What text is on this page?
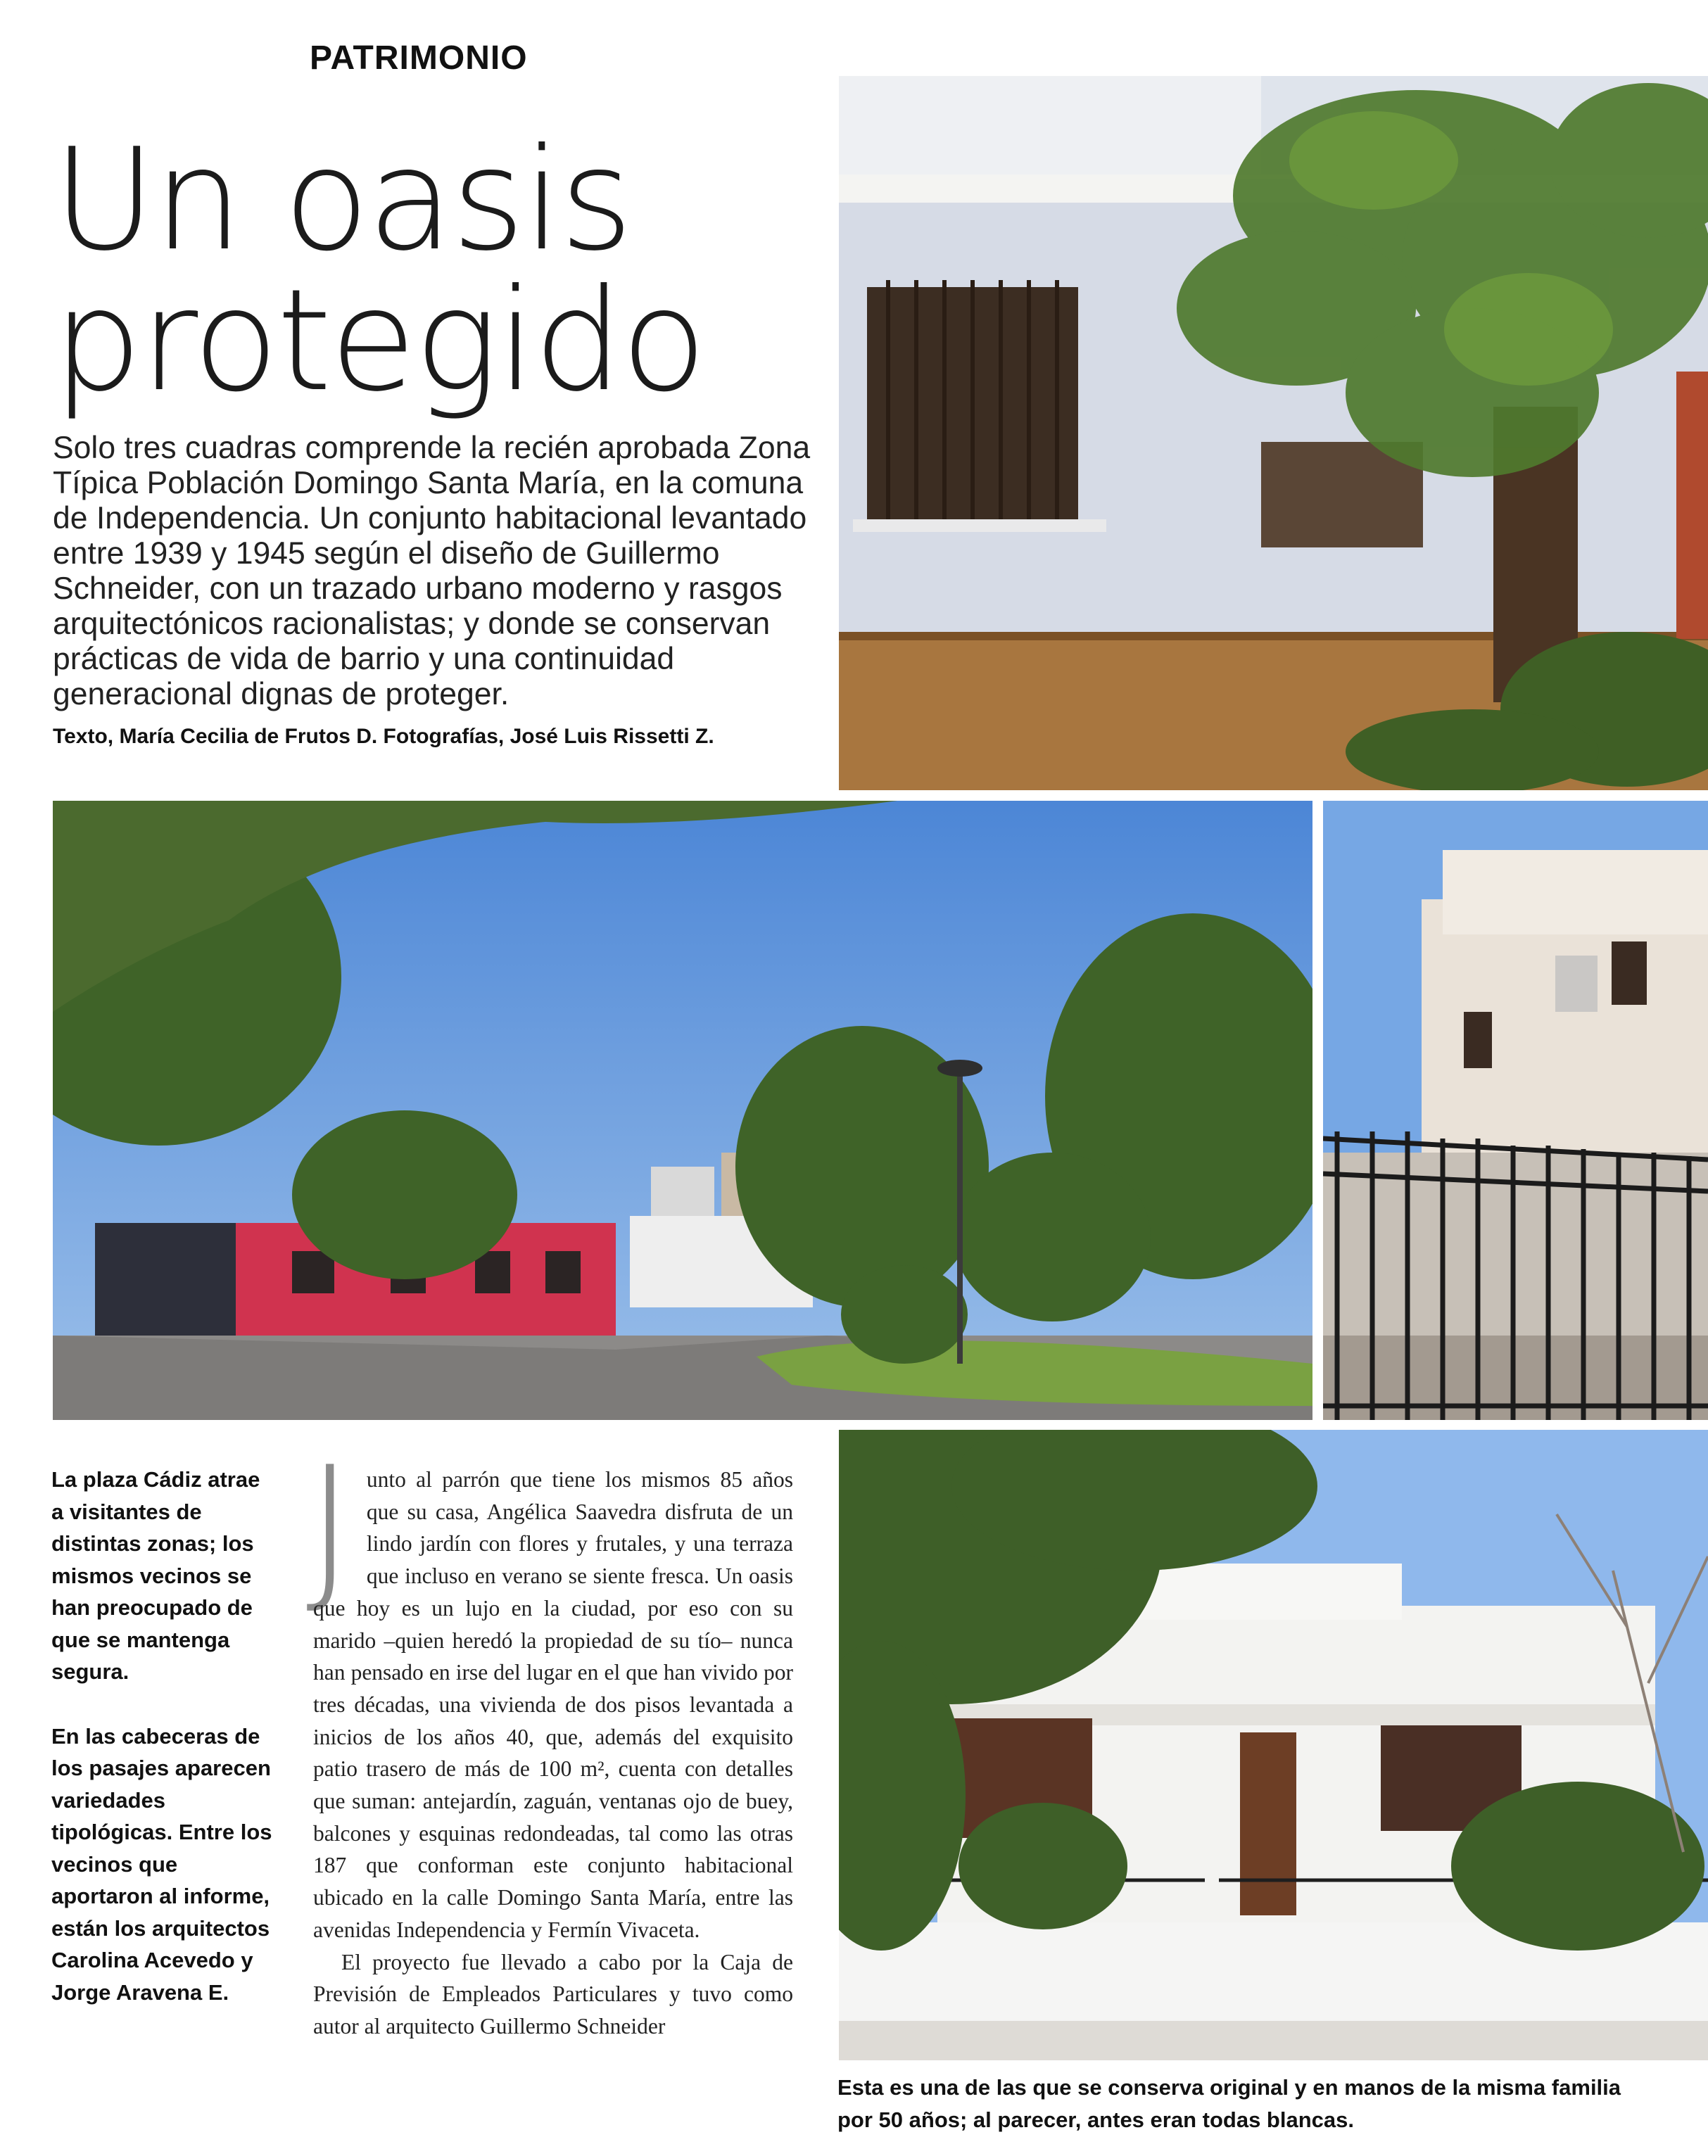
PATRIMONIO
Un oasis
protegido
Solo tres cuadras comprende la recién aprobada Zona Típica Población Domingo Santa María, en la comuna de Independencia. Un conjunto habitacional levantado entre 1939 y 1945 según el diseño de Guillermo Schneider, con un trazado urbano moderno y rasgos arquitectónicos racionalistas; y donde se conservan prácticas de vida de barrio y una continuidad generacional dignas de proteger.
Texto, María Cecilia de Frutos D. Fotografías, José Luis Rissetti Z.

La plaza Cádiz atrae a visitantes de distintas zonas; los mismos vecinos se han preocupado de que se mantenga segura.

En las cabeceras de los pasajes aparecen variedades tipológicas. Entre los vecinos que aportaron al informe, están los arquitectos Carolina Acevedo y Jorge Aravena E.

J unto al parrón que tiene los mismos 85 años que su casa, Angélica Saavedra disfruta de un lindo jardín con flores y frutales, y una terraza que incluso en verano se siente fresca. Un oasis que hoy es un lujo en la ciudad, por eso con su marido –quien heredó la propiedad de su tío– nunca han pensado en irse del lugar en el que han vivido por tres décadas, una vivienda de dos pisos levantada a inicios de los años 40, que, además del exquisito patio trasero de más de 100 m², cuenta con detalles que suman: antejardín, zaguán, ventanas ojo de buey, balcones y esquinas redondeadas, tal como las otras 187 que conforman este conjunto habitacional ubicado en la calle Domingo Santa María, entre las avenidas Independencia y Fermín Vivaceta.

El proyecto fue llevado a cabo por la Caja de Previsión de Empleados Particulares y tuvo como autor al arquitecto Guillermo Schneider

Esta es una de las que se conserva original y en manos de la misma familia por 50 años; al parecer, antes eran todas blancas.
